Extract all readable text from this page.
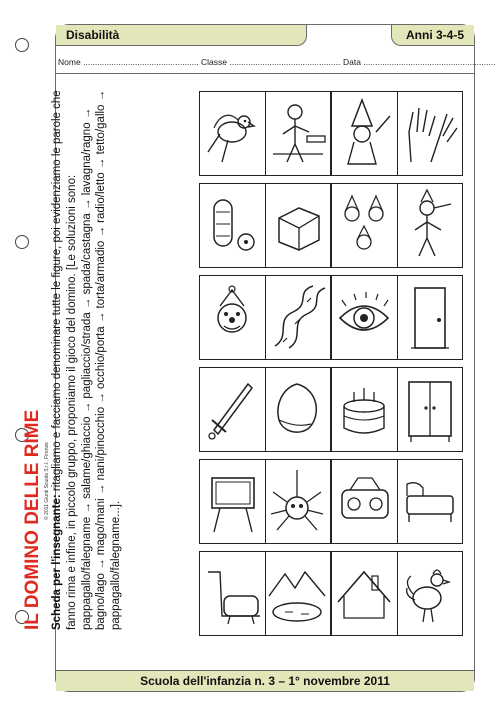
© 2011 Giunti Scuola S.r.l., Firenze
Disabilità	Anni 3-4-5
Nome ................................................. Classe ............................................... Data ........................................................
Scuola dell'infanzia n. 3 – 1° novembre 2011
IL DOMINO DELLE RIME Scheda per l'insegnante: ritagliamo e facciamo denominare tutte le figure, poi evidenziamo le parole che fanno rima e infine, in piccolo gruppo, proponiamo il gioco del domino. [Le soluzioni sono: pappagallo/falegname → salame/ghiaccio → pagliaccio/strada → spada/castagna → lavagna/ragno → bagno/lago → mago/mani → nani/pinocchio → occhio/porta → torta/armadio → radio/letto → tetto/gallo → pappagallo/falegname...].
